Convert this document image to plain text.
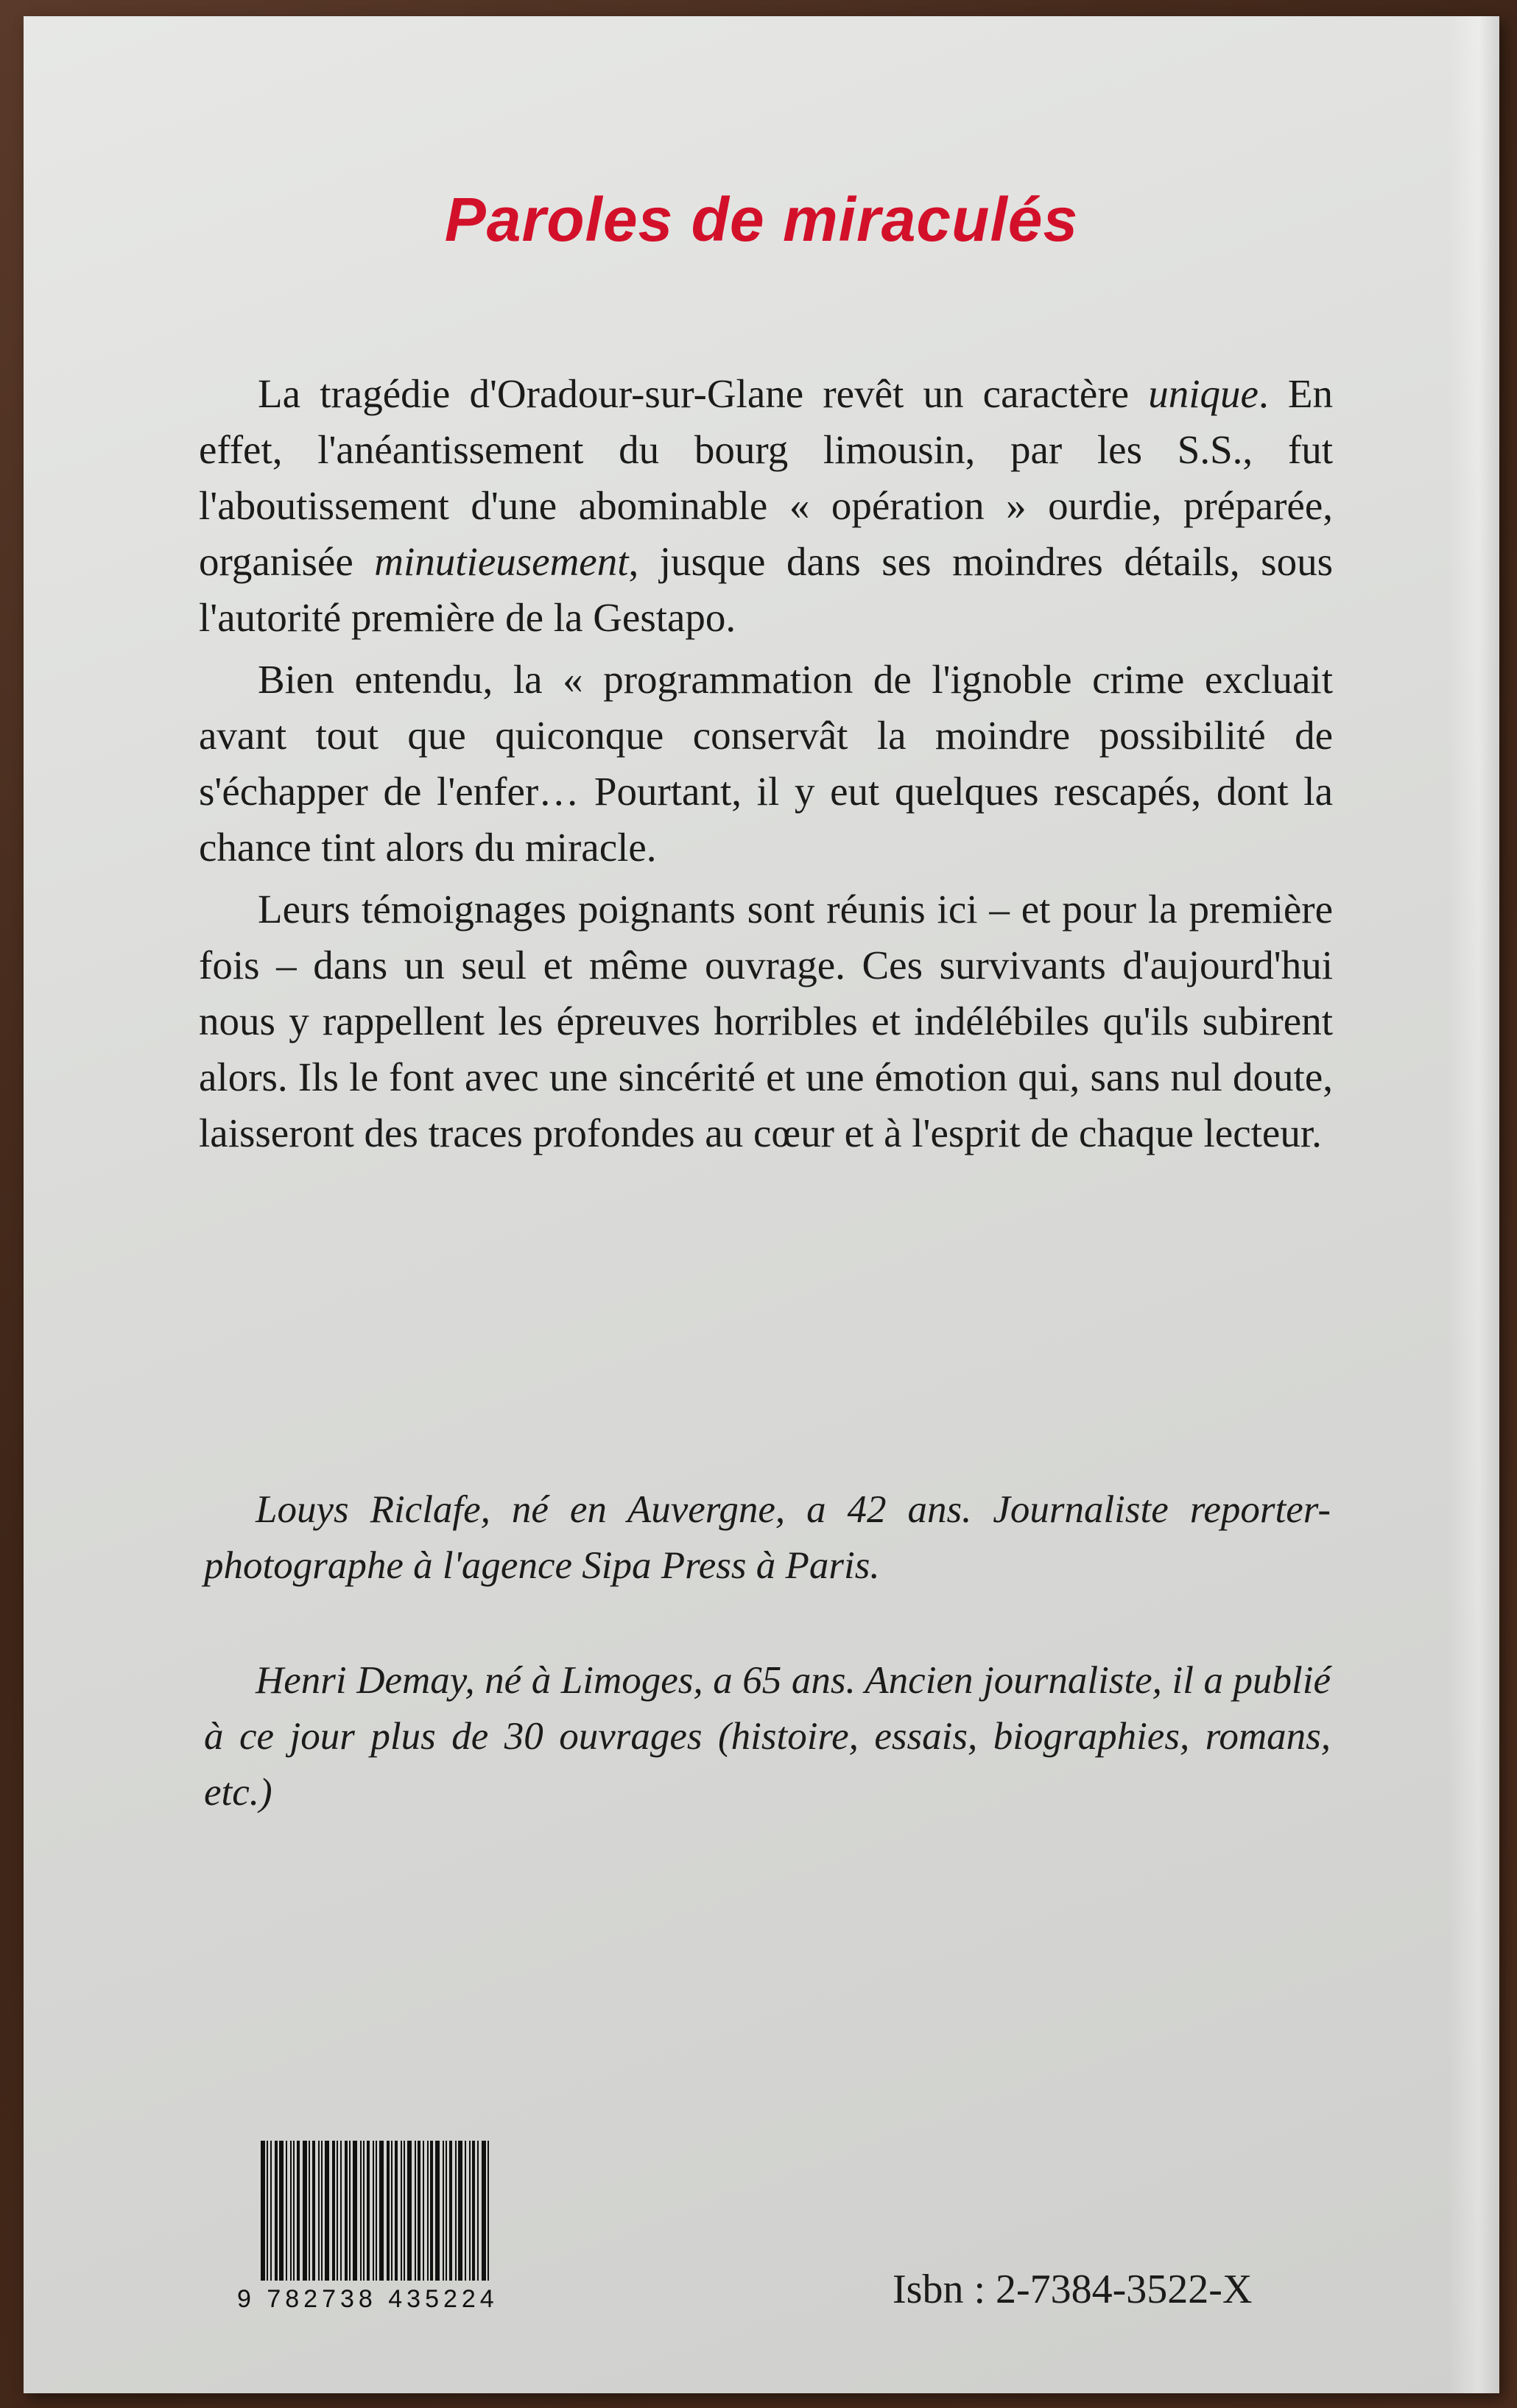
Paroles de miraculés

La tragédie d'Oradour-sur-Glane revêt un caractère unique. En effet, l'anéantissement du bourg limousin, par les S.S., fut l'aboutissement d'une abominable « opération » ourdie, préparée, organisée minutieusement, jusque dans ses moindres détails, sous l'autorité première de la Gestapo.

Bien entendu, la « programmation de l'ignoble crime excluait avant tout que quiconque conservât la moindre possibilité de s'échapper de l'enfer… Pourtant, il y eut quelques rescapés, dont la chance tint alors du miracle.

Leurs témoignages poignants sont réunis ici – et pour la première fois – dans un seul et même ouvrage. Ces survivants d'aujourd'hui nous y rappellent les épreuves horribles et indélébiles qu'ils subirent alors. Ils le font avec une sincérité et une émotion qui, sans nul doute, laisseront des traces profondes au cœur et à l'esprit de chaque lecteur.

Louys Riclafe, né en Auvergne, a 42 ans. Journaliste reporter-photographe à l'agence Sipa Press à Paris.

Henri Demay, né à Limoges, a 65 ans. Ancien journaliste, il a publié à ce jour plus de 30 ouvrages (histoire, essais, biographies, romans, etc.)

9 782738 435224	Isbn : 2-7384-3522-X
